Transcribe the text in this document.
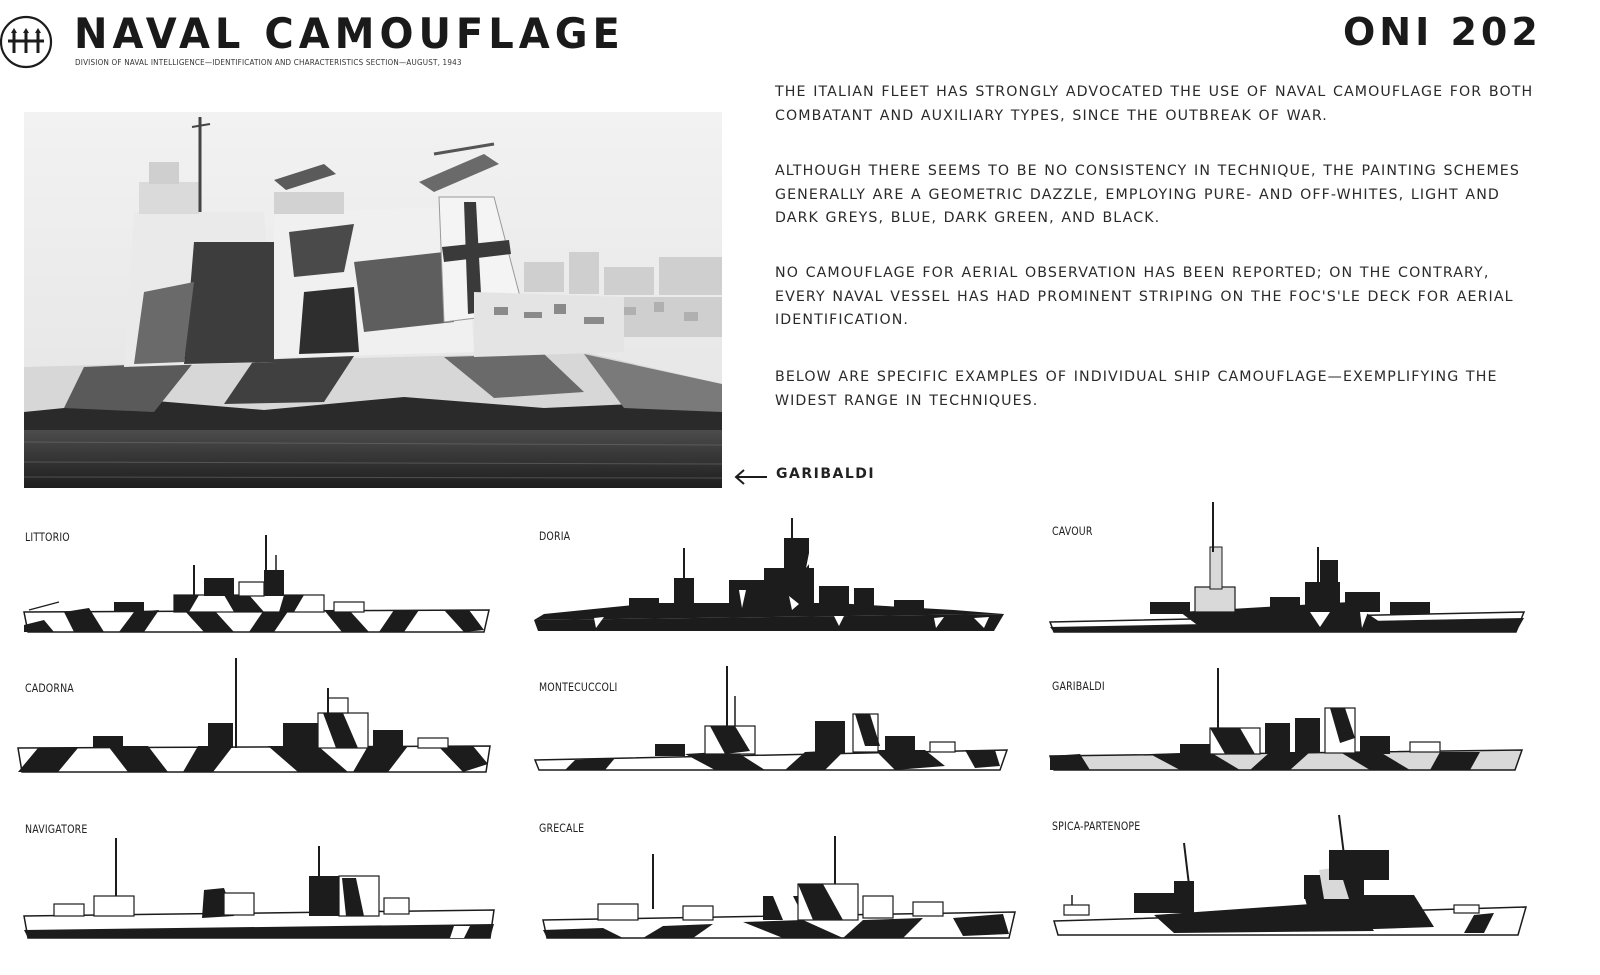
NAVAL CAMOUFLAGE
DIVISION OF NAVAL INTELLIGENCE—IDENTIFICATION AND CHARACTERISTICS SECTION—AUGUST, 1943
ONI 202
GARIBALDI
THE ITALIAN FLEET HAS STRONGLY ADVOCATED THE USE OF NAVAL CAMOUFLAGE FOR BOTH COMBATANT AND AUXILIARY TYPES, SINCE THE OUTBREAK OF WAR.
ALTHOUGH THERE SEEMS TO BE NO CONSISTENCY IN TECHNIQUE, THE PAINTING SCHEMES GENERALLY ARE A GEOMETRIC DAZZLE, EMPLOYING PURE- AND OFF-WHITES, LIGHT AND DARK GREYS, BLUE, DARK GREEN, AND BLACK.
NO CAMOUFLAGE FOR AERIAL OBSERVATION HAS BEEN REPORTED; ON THE CONTRARY, EVERY NAVAL VESSEL HAS HAD PROMINENT STRIPING ON THE FOC'S'LE DECK FOR AERIAL IDENTIFICATION.
BELOW ARE SPECIFIC EXAMPLES OF INDIVIDUAL SHIP CAMOUFLAGE—EXEMPLIFYING THE WIDEST RANGE IN TECHNIQUES.
LITTORIO	DORIA	CAVOUR
CADORNA	MONTECUCCOLI	GARIBALDI
NAVIGATORE	GRECALE	SPICA-PARTENOPE
